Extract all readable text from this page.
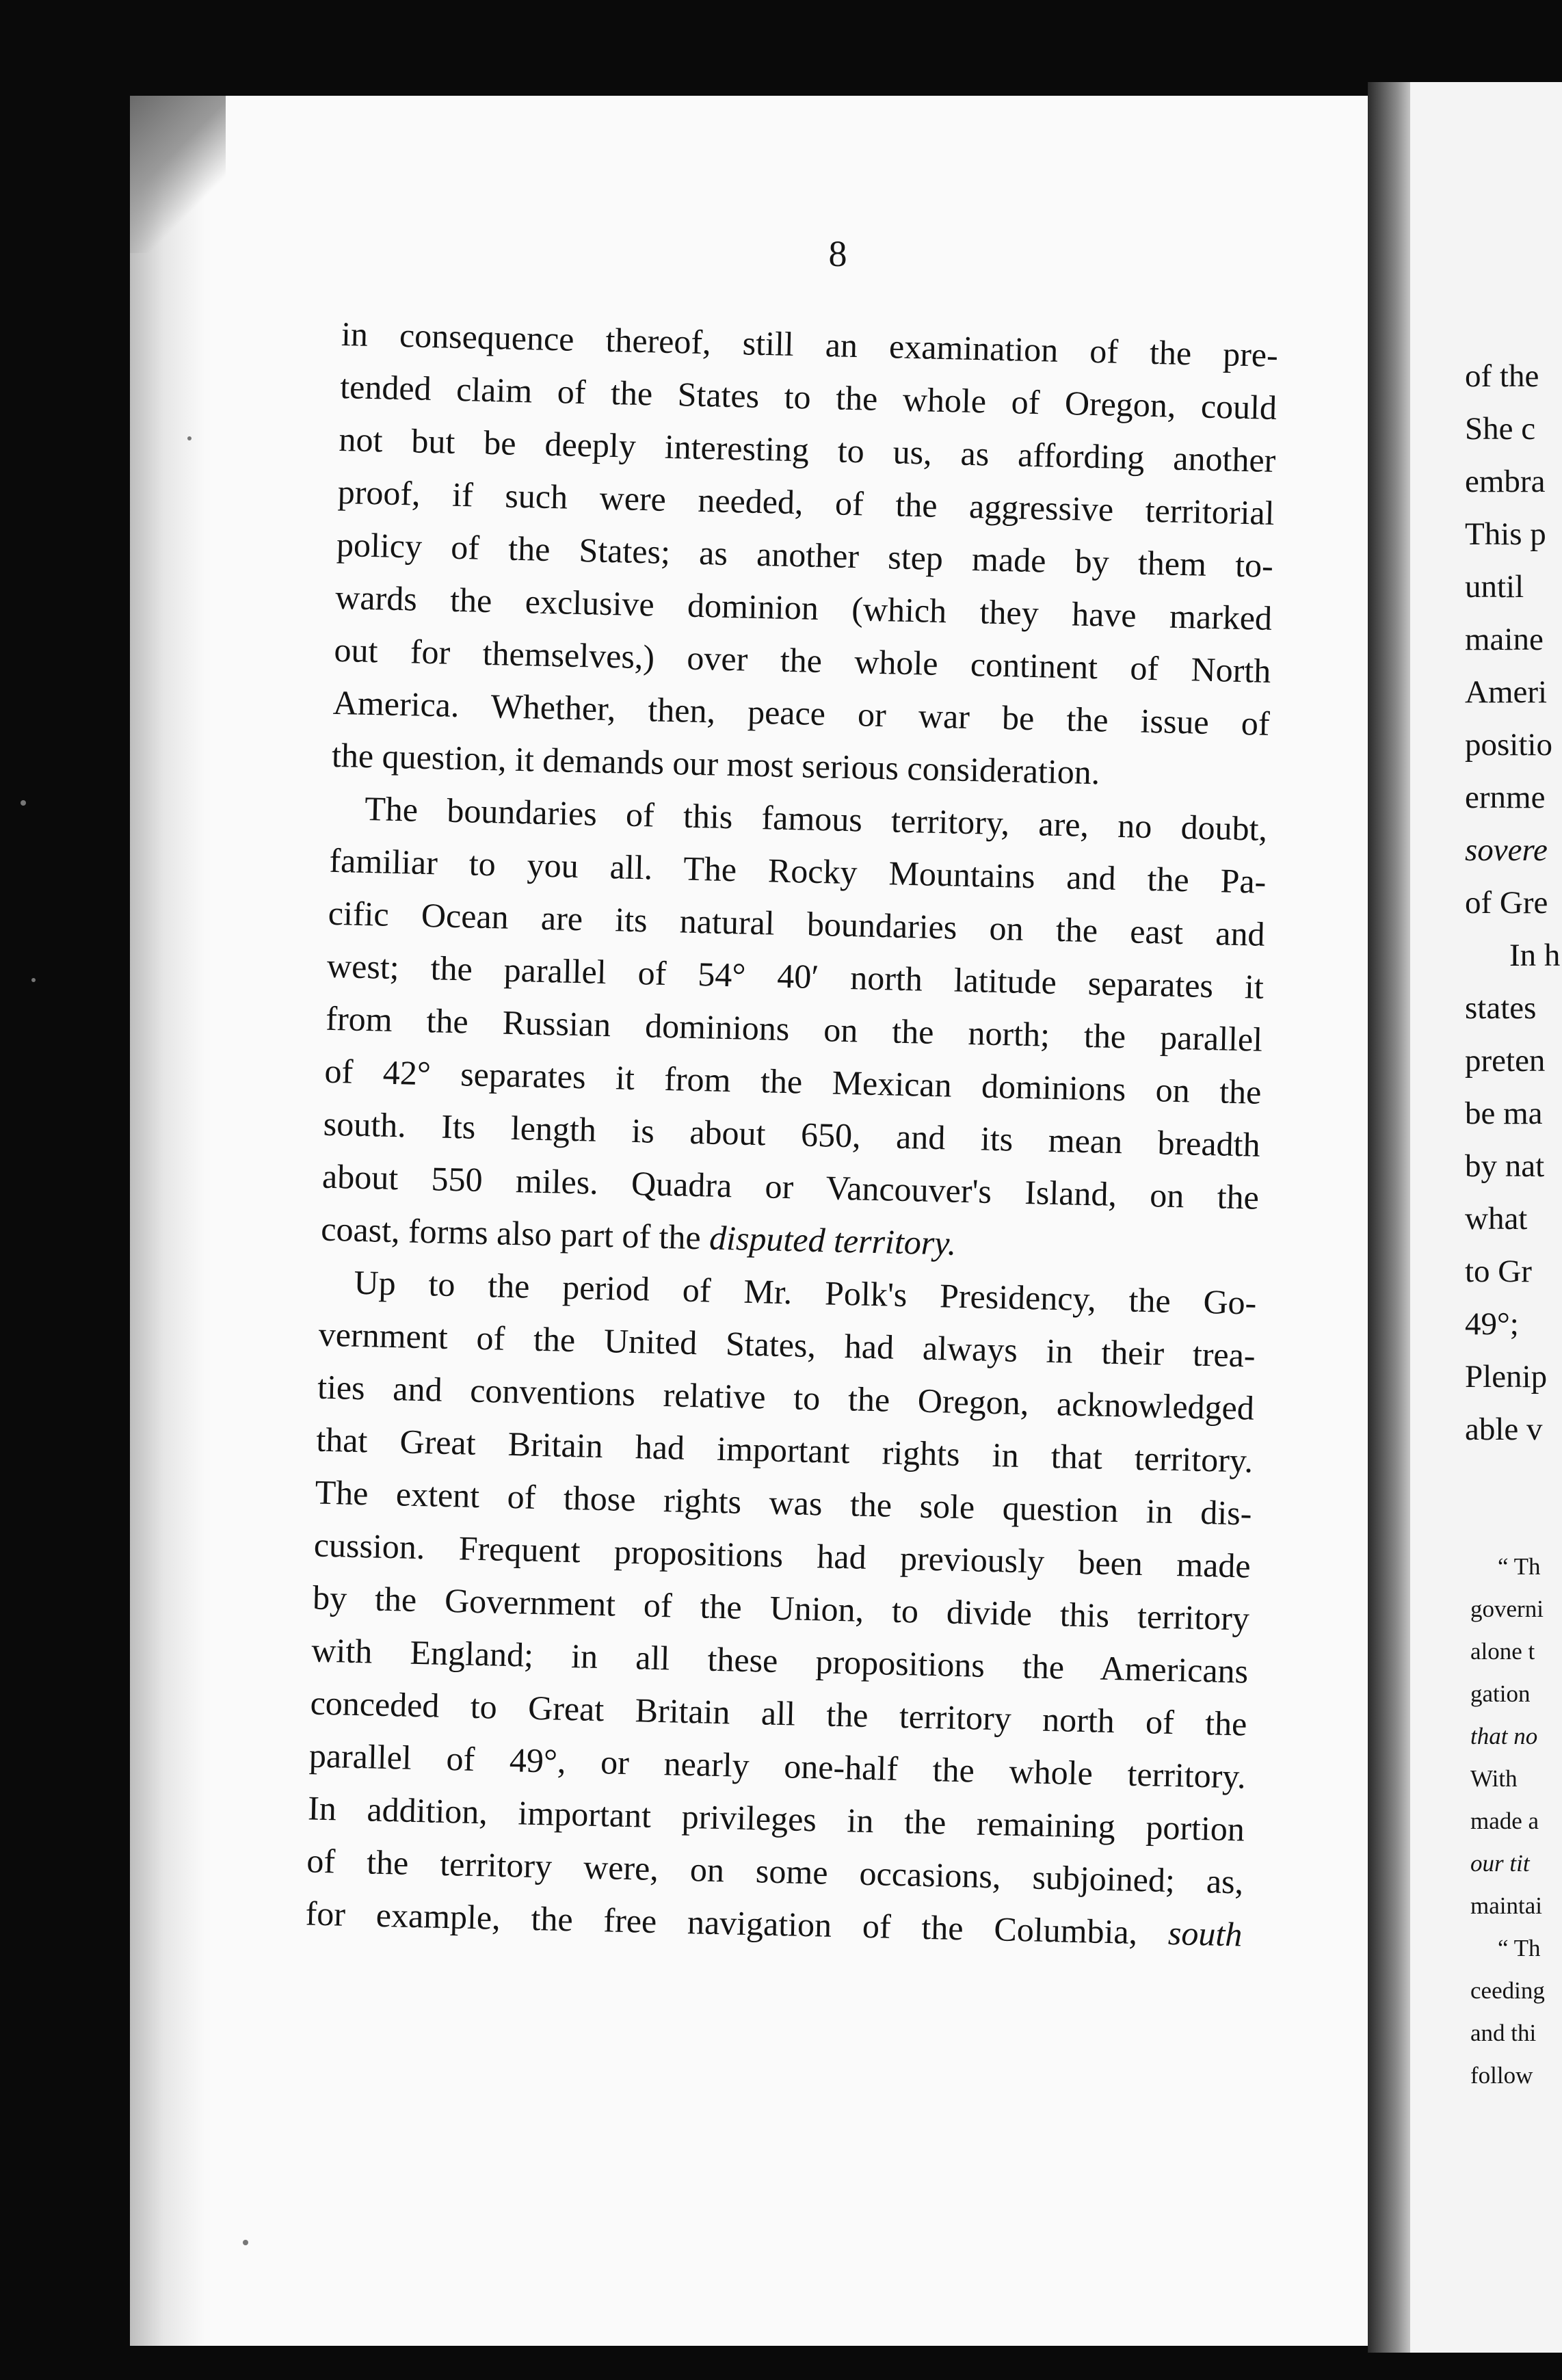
of the
She c
embra
This p
until
maine
Ameri
positio
ernme
sovere
of Gre
In h
states
preten
be ma
by nat
what
to Gr
49°;
Plenip
able v
“ Th
governi
alone t
gation
that no
With
made a
our tit
maintai
“ Th
ceeding
and thi
follow
8
in consequence thereof, still an examination of the pre-
tended claim of the States to the whole of Oregon, could
not but be deeply interesting to us, as affording another
proof, if such were needed, of the aggressive territorial
policy of the States; as another step made by them to-
wards the exclusive dominion (which they have marked
out for themselves,) over the whole continent of North
America. Whether, then, peace or war be the issue of
the question, it demands our most serious consideration.
The boundaries of this famous territory, are, no doubt,
familiar to you all. The Rocky Mountains and the Pa-
cific Ocean are its natural boundaries on the east and
west; the parallel of 54° 40′ north latitude separates it
from the Russian dominions on the north; the parallel
of 42° separates it from the Mexican dominions on the
south. Its length is about 650, and its mean breadth
about 550 miles. Quadra or Vancouver's Island, on the
coast, forms also part of the disputed territory.
Up to the period of Mr. Polk's Presidency, the Go-
vernment of the United States, had always in their trea-
ties and conventions relative to the Oregon, acknowledged
that Great Britain had important rights in that territory.
The extent of those rights was the sole question in dis-
cussion. Frequent propositions had previously been made
by the Government of the Union, to divide this territory
with England; in all these propositions the Americans
conceded to Great Britain all the territory north of the
parallel of 49°, or nearly one-half the whole territory.
In addition, important privileges in the remaining portion
of the territory were, on some occasions, subjoined; as,
for example, the free navigation of the Columbia, south
